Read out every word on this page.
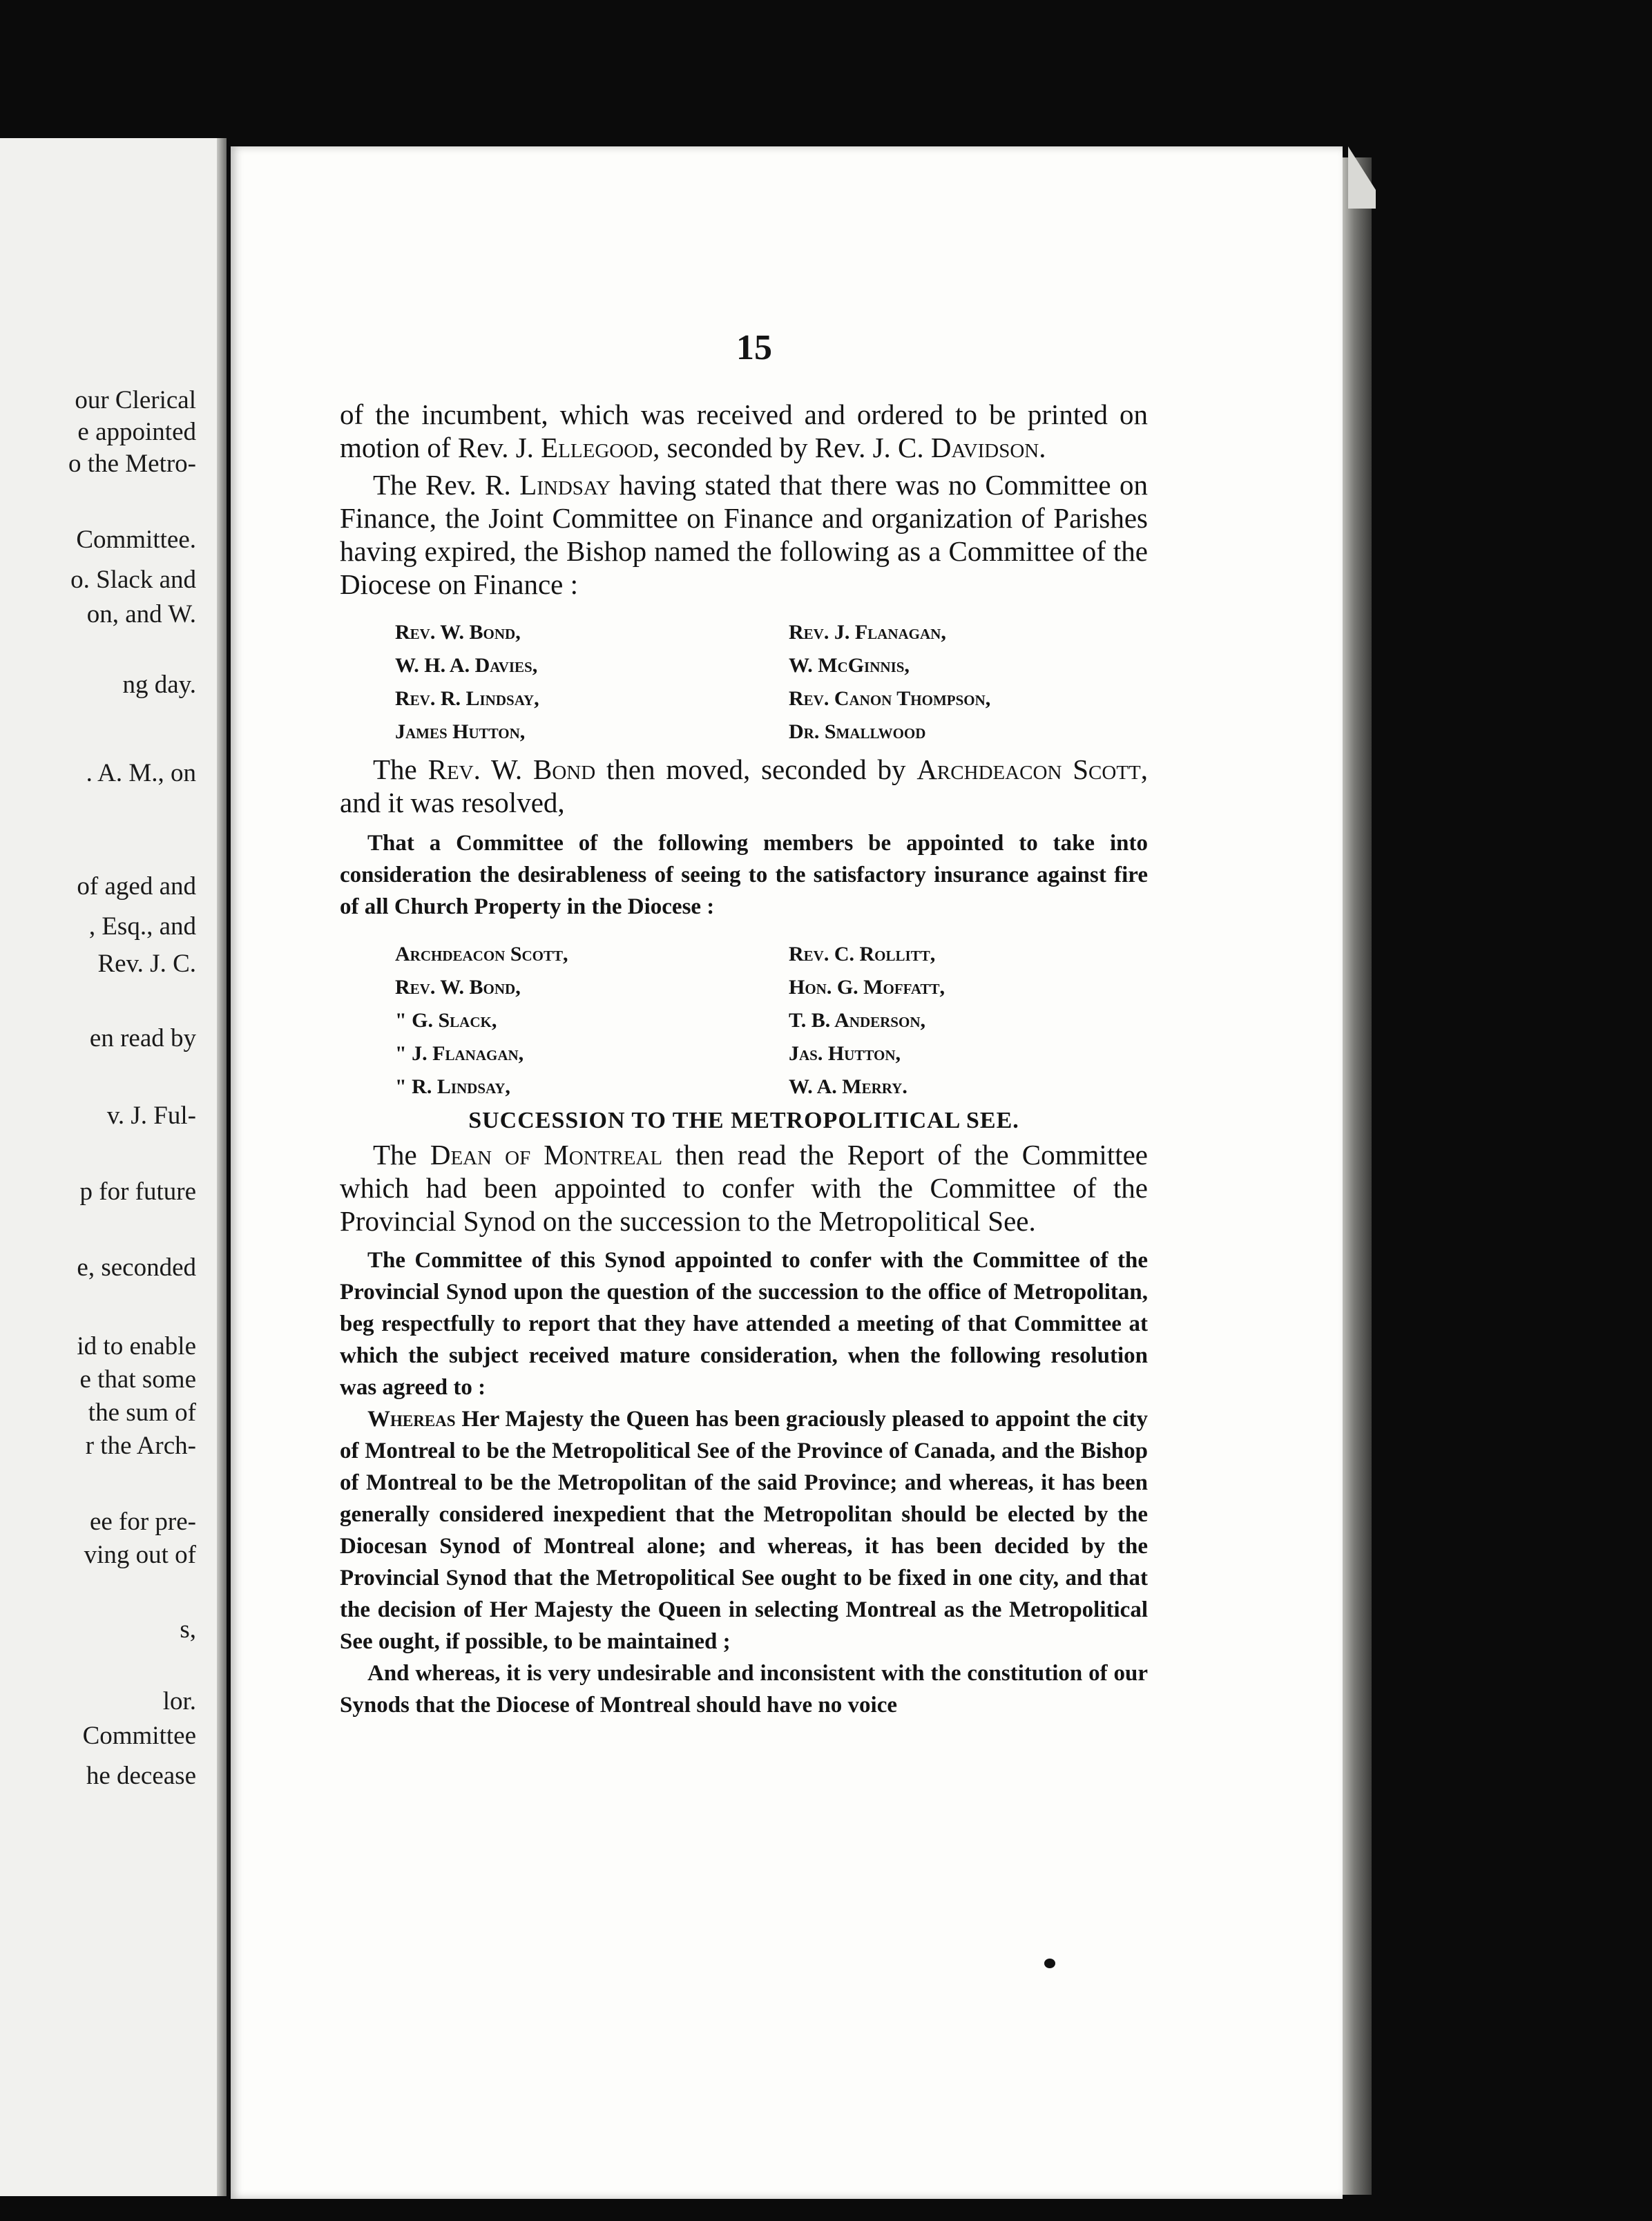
our Clerical
e appointed
o the Metro-
Committee.
o. Slack and
on, and W.
ng day.
. A. M., on
of aged and
, Esq., and
Rev. J. C.
en read by
v. J. Ful-
p for future
e, seconded
id to enable
e that some
the sum of
r the Arch-
ee for pre-
ving out of
s,
lor.
Committee
he decease
15

of the incumbent, which was received and ordered to be printed on motion of Rev. J. Ellegood, seconded by Rev. J. C. Davidson.

The Rev. R. Lindsay having stated that there was no Committee on Finance, the Joint Committee on Finance and organization of Parishes having expired, the Bishop named the following as a Committee of the Diocese on Finance :

Rev. W. Bond,	Rev. J. Flanagan,
W. H. A. Davies,	W. McGinnis,
Rev. R. Lindsay,	Rev. Canon Thompson,
James Hutton,	Dr. Smallwood

The Rev. W. Bond then moved, seconded by Archdeacon Scott, and it was resolved,

That a Committee of the following members be appointed to take into consideration the desirableness of seeing to the satisfactory insurance against fire of all Church Property in the Diocese :

Archdeacon Scott,	Rev. C. Rollitt,
Rev. W. Bond,	Hon. G. Moffatt,
" G. Slack,	T. B. Anderson,
" J. Flanagan,	Jas. Hutton,
" R. Lindsay,	W. A. Merry.
SUCCESSION TO THE METROPOLITICAL SEE.

The Dean of Montreal then read the Report of the Committee which had been appointed to confer with the Committee of the Provincial Synod on the succession to the Metropolitical See.

The Committee of this Synod appointed to confer with the Committee of the Provincial Synod upon the question of the succession to the office of Metropolitan, beg respectfully to report that they have attended a meeting of that Committee at which the subject received mature consideration, when the following resolution was agreed to :

Whereas Her Majesty the Queen has been graciously pleased to appoint the city of Montreal to be the Metropolitical See of the Province of Canada, and the Bishop of Montreal to be the Metropolitan of the said Province; and whereas, it has been generally considered inexpedient that the Metropolitan should be elected by the Diocesan Synod of Montreal alone; and whereas, it has been decided by the Provincial Synod that the Metropolitical See ought to be fixed in one city, and that the decision of Her Majesty the Queen in selecting Montreal as the Metropolitical See ought, if possible, to be maintained ;

And whereas, it is very undesirable and inconsistent with the constitution of our Synods that the Diocese of Montreal should have no voice
